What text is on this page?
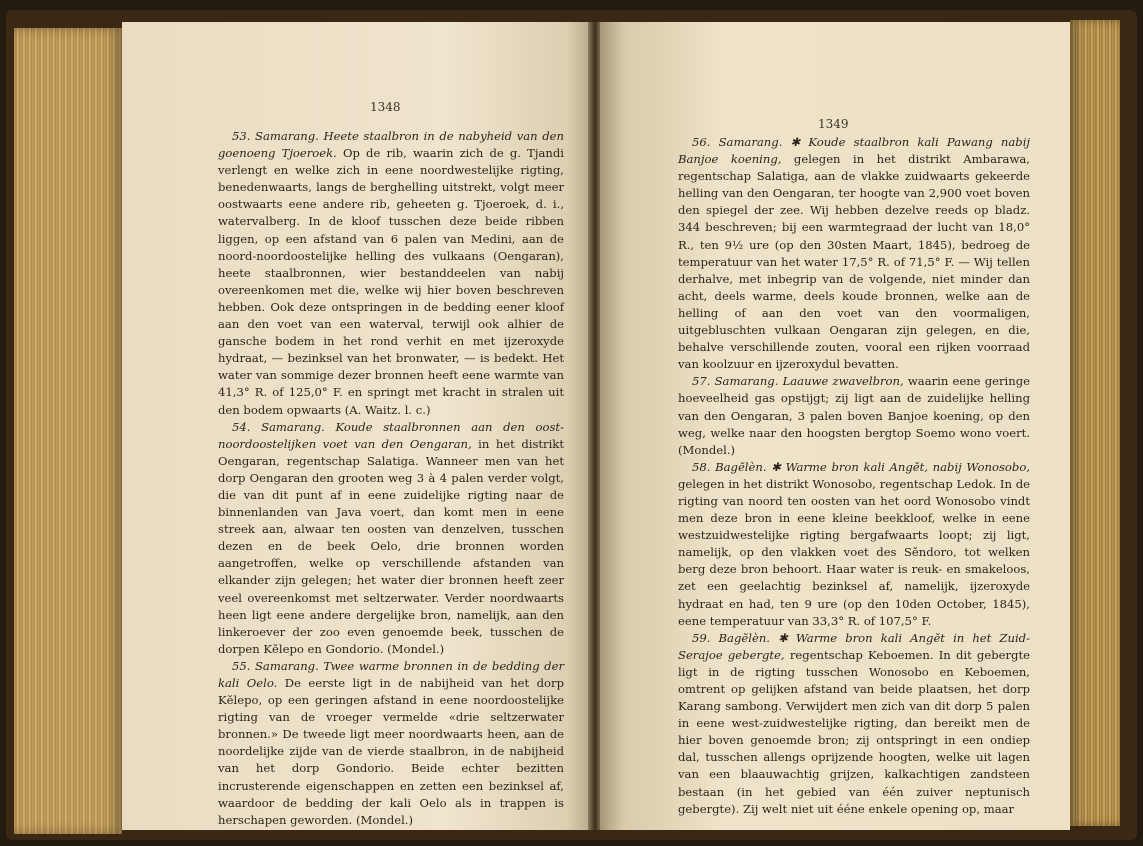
1348

53. Samarang. Heete staalbron in de nabyheid van den goenoeng Tjoeroek. Op de rib, waarin zich de g. Tjandi verlengt en welke zich in eene noordwestelijke rigting, benedenwaarts, langs de berghelling uitstrekt, volgt meer oostwaarts eene andere rib, geheeten g. Tjoeroek, d. i., watervalberg. In de kloof tusschen deze beide ribben liggen, op een afstand van 6 palen van Medini, aan de noord-noordoostelijke helling des vulkaans (Oengaran), heete staalbronnen, wier bestanddeelen van nabij overeenkomen met die, welke wij hier boven beschreven hebben. Ook deze ontspringen in de bedding eener kloof aan den voet van een waterval, terwijl ook alhier de gansche bodem in het rond verhit en met ijzeroxyde hydraat, — bezinksel van het bronwater, — is bedekt. Het water van sommige dezer bronnen heeft eene warmte van 41,3° R. of 125,0° F. en springt met kracht in stralen uit den bodem opwaarts (A. Waitz. l. c.)

54. Samarang. Koude staalbronnen aan den oost-noordoostelijken voet van den Oengaran, in het distrikt Oengaran, regentschap Salatiga. Wanneer men van het dorp Oengaran den grooten weg 3 à 4 palen verder volgt, die van dit punt af in eene zuidelijke rigting naar de binnenlanden van Java voert, dan komt men in eene streek aan, alwaar ten oosten van denzelven, tusschen dezen en de beek Oelo, drie bronnen worden aangetroffen, welke op verschillende afstanden van elkander zijn gelegen; het water dier bronnen heeft zeer veel overeenkomst met seltzerwater. Verder noordwaarts heen ligt eene andere dergelijke bron, namelijk, aan den linkeroever der zoo even genoemde beek, tusschen de dorpen Kĕlepo en Gondorio. (Mondel.)

55. Samarang. Twee warme bronnen in de bedding der kali Oelo. De eerste ligt in de nabijheid van het dorp Kĕlepo, op een geringen afstand in eene noordoostelijke rigting van de vroeger vermelde «drie seltzerwater bronnen.» De tweede ligt meer noordwaarts heen, aan de noordelijke zijde van de vierde staalbron, in de nabijheid van het dorp Gondorio. Beide echter bezitten incrusterende eigenschappen en zetten een bezinksel af, waardoor de bedding der kali Oelo als in trappen is herschapen geworden. (Mondel.)

1349

56. Samarang. ✱ Koude staalbron kali Pawang nabij Banjoe koening, gelegen in het distrikt Ambarawa, regentschap Salatiga, aan de vlakke zuidwaarts gekeerde helling van den Oengaran, ter hoogte van 2,900 voet boven den spiegel der zee. Wij hebben dezelve reeds op bladz. 344 beschreven; bij een warmtegraad der lucht van 18,0° R., ten 9½ ure (op den 30sten Maart, 1845), bedroeg de temperatuur van het water 17,5° R. of 71,5° F. — Wij tellen derhalve, met inbegrip van de volgende, niet minder dan acht, deels warme, deels koude bronnen, welke aan de helling of aan den voet van den voormaligen, uitgebluschten vulkaan Oengaran zijn gelegen, en die, behalve verschillende zouten, vooral een rijken voorraad van koolzuur en ijzeroxydul bevatten.

57. Samarang. Laauwe zwavelbron, waarin eene geringe hoeveelheid gas opstijgt; zij ligt aan de zuidelijke helling van den Oengaran, 3 palen boven Banjoe koening, op den weg, welke naar den hoogsten bergtop Soemo wono voert. (Mondel.)

58. Bagĕlèn. ✱ Warme bron kali Angĕt, nabij Wonosobo, gelegen in het distrikt Wonosobo, regentschap Ledok. In de rigting van noord ten oosten van het oord Wonosobo vindt men deze bron in eene kleine beekkloof, welke in eene westzuidwestelijke rigting bergafwaarts loopt; zij ligt, namelijk, op den vlakken voet des Sĕndoro, tot welken berg deze bron behoort. Haar water is reuk- en smakeloos, zet een geelachtig bezinksel af, namelijk, ijzeroxyde hydraat en had, ten 9 ure (op den 10den October, 1845), eene temperatuur van 33,3° R. of 107,5° F.

59. Bagĕlèn. ✱ Warme bron kali Angĕt in het Zuid-Serajoe gebergte, regentschap Keboemen. In dit gebergte ligt in de rigting tusschen Wonosobo en Keboemen, omtrent op gelijken afstand van beide plaatsen, het dorp Karang sambong. Verwijdert men zich van dit dorp 5 palen in eene west-zuidwestelijke rigting, dan bereikt men de hier boven genoemde bron; zij ontspringt in een ondiep dal, tusschen allengs oprijzende hoogten, welke uit lagen van een blaauwachtig grijzen, kalkachtigen zandsteen bestaan (in het gebied van één zuiver neptunisch gebergte). Zij welt niet uit ééne enkele opening op, maar
